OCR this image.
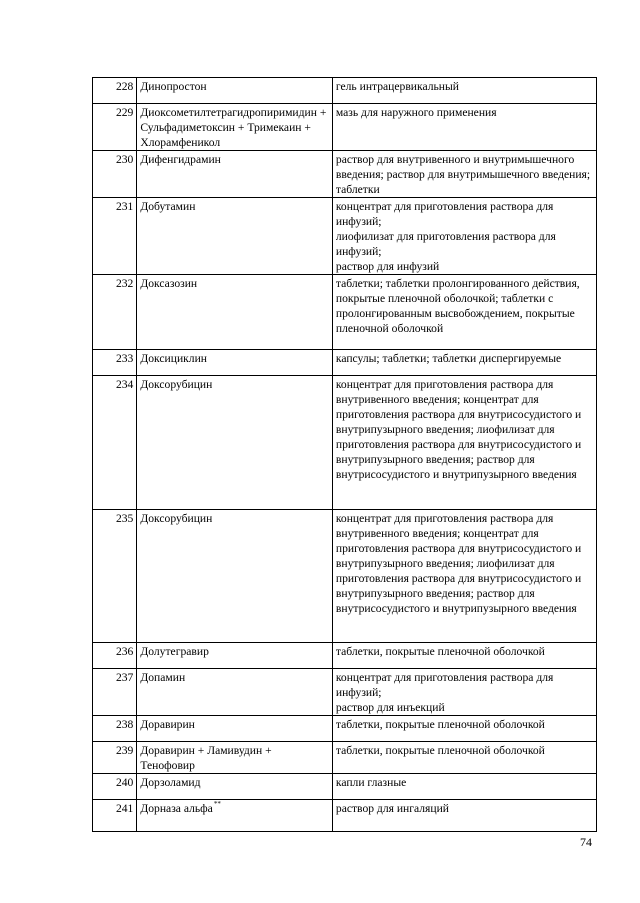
228	Динопростон	гель интрацервикальный

229	Диоксометилтетрагидропиримидин + Сульфадиметоксин + Тримекаин + Хлорамфеникол	мазь для наружного применения

230	Дифенгидрамин	раствор для внутривенного и внутримышечного введения; раствор для внутримышечного введения; таблетки

231	Добутамин	концентрат для приготовления раствора для инфузий;
лиофилизат для приготовления раствора для инфузий;
раствор для инфузий

232	Доксазозин	таблетки; таблетки пролонгированного действия, покрытые пленочной оболочкой; таблетки с пролонгированным высвобождением, покрытые пленочной оболочкой

233	Доксициклин	капсулы; таблетки; таблетки диспергируемые

234	Доксорубицин	концентрат для приготовления раствора для внутривенного введения; концентрат для приготовления раствора для внутрисосудистого и внутрипузырного введения; лиофилизат для приготовления раствора для внутрисосудистого и внутрипузырного введения; раствор для внутрисосудистого и внутрипузырного введения

235	Доксорубицин	концентрат для приготовления раствора для внутривенного введения; концентрат для приготовления раствора для внутрисосудистого и внутрипузырного введения; лиофилизат для приготовления раствора для внутрисосудистого и внутрипузырного введения; раствор для внутрисосудистого и внутрипузырного введения

236	Долутегравир	таблетки, покрытые пленочной оболочкой

237	Допамин	концентрат для приготовления раствора для инфузий;
раствор для инъекций

238	Доравирин	таблетки, покрытые пленочной оболочкой

239	Доравирин + Ламивудин + Тенофовир	таблетки, покрытые пленочной оболочкой

240	Дорзоламид	капли глазные

241	Дорназа альфа**	раствор для ингаляций
74
